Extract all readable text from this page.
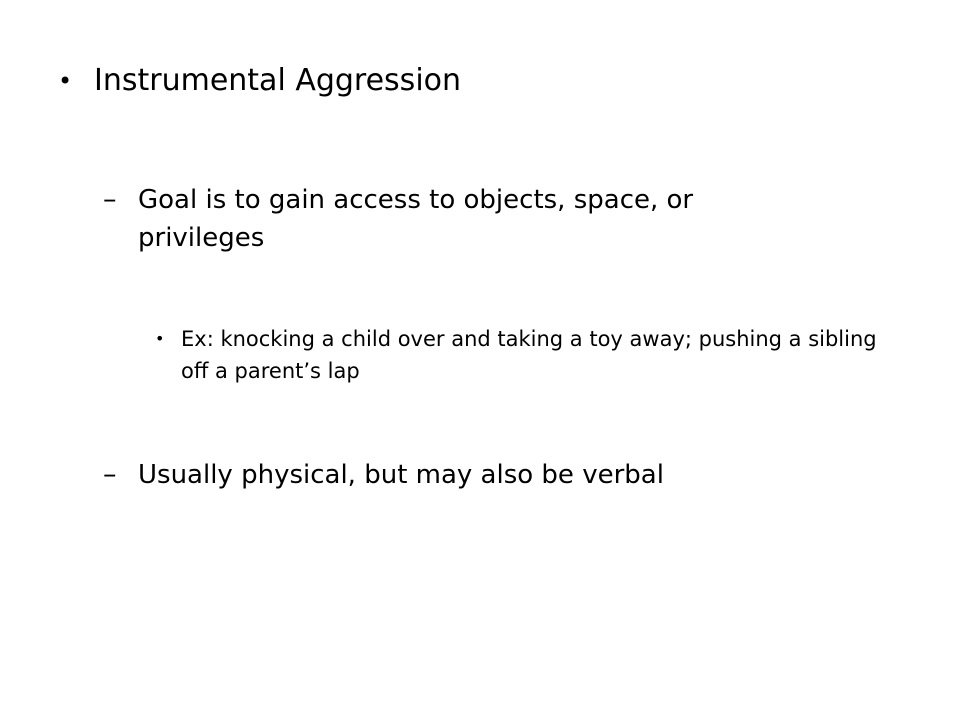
• Instrumental Aggression
– Goal is to gain access to objects, space, or privileges
• Ex: knocking a child over and taking a toy away; pushing a sibling off a parent’s lap
– Usually physical, but may also be verbal
